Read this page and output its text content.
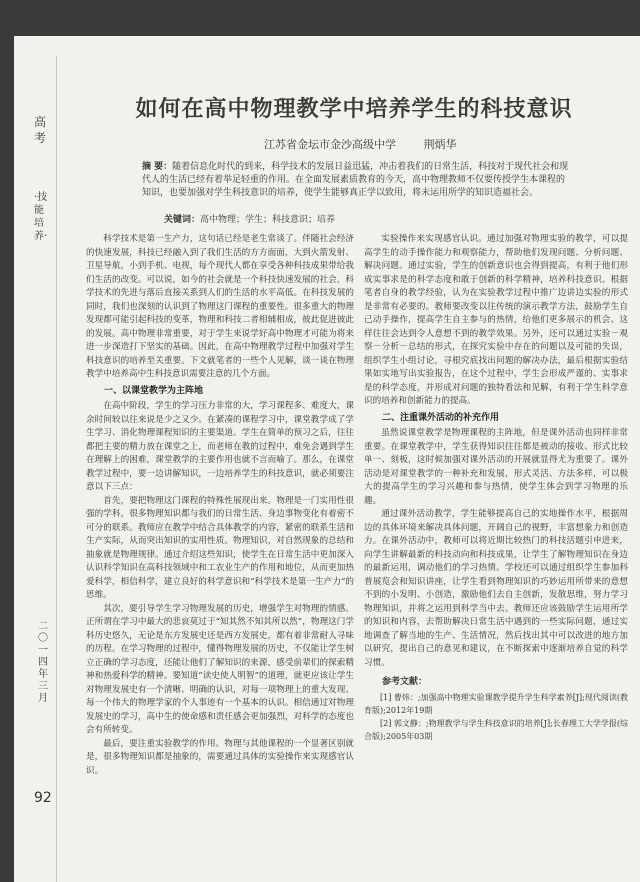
高考
·技能培养·
二〇一四年三月
92
如何在高中物理教学中培养学生的科技意识
江苏省金坛市金沙高级中学	荆炳华
摘 要：随着信息化时代的到来，科学技术的发展日益迅猛，冲击着我们的日常生活，科技对于现代社会和现代人的生活已经有着举足轻重的作用。在全面发展素质教育的今天，高中物理教师不仅要传授学生本课程的知识，也要加强对学生科技意识的培养，使学生能够真正学以致用，将未运用所学的知识造福社会。
关键词：高中物理；学生；科技意识；培养

科学技术是第一生产力，这句话已经是老生常谈了。伴随社会经济的快速发展，科技已经融入到了我们生活的方方面面，大到火箭发射、卫星导航，小到手机、电视，每个现代人都在享受各种科技成果带给我们生活的改变。可以说，如今的社会就是一个科技快速发展的社会，科学技术的先进与落后直接关系到人们的生活的水平高低。在科技发展的同时，我们也深刻的认识到了物理这门课程的重要性。很多重大的物理发现都可能引起科技的变革，物理和科技二者相辅相成，彼此促进彼此的发展。高中物理非常重要，对于学生来说学好高中物理才可能为将来进一步深造打下坚实的基础。因此，在高中物理教学过程中加强对学生科技意识的培养至关重要。下文就笔者的一些个人见解，谈一谈在物理教学中培养高中生科技意识需要注意的几个方面。

一、以课堂教学为主阵地

在高中阶段，学生的学习压力非常的大，学习课程多、难度大，课余时间较以往来说是少之又少。在紧凑的课程学习中，课堂教学成了学生学习、消化物理课程知识的主要渠道。学生在简单的预习之后，往往都把主要的精力放在课堂之上，而老师在教的过程中，难免会遇到学生在理解上的困难，课堂教学的主要作用也就不言而喻了。那么，在课堂教学过程中，要一边讲解知识，一边培养学生的科技意识，就必须要注意以下三点：

首先，要把物理这门课程的特殊性展现出来。物理是一门实用性很强的学科，很多物理知识都与我们的日常生活、身边事物变化有着密不可分的联系。教师应在教学中结合具体教学的内容，紧密的联系生活和生产实际，从而突出知识的实用性质。物理知识，对自然现象的总结和抽象就是物理规律。通过介绍这些知识，使学生在日常生活中更加深入认识科学知识在高科技领域中和工农业生产的作用和地位，从而更加热爱科学，相信科学，建立良好的科学意识和“科学技术是第一生产力”的思维。

其次，要引导学生学习物理发展的历史，增强学生对物理的情感。正所谓在学习中最大的悲哀莫过于“知其然不知其所以然”，物理这门学科历史悠久，无论是东方发展史还是西方发展史，都有着非常耐人寻味的历程。在学习物理的过程中，懂得物理发展的历史，不仅能让学生树立正确的学习态度，还能让他们了解知识的来源，感受前辈们的探索精神和热爱科学的精神。要知道“读史使人明智”的道理，就更应该让学生对物理发展史有一个清晰、明确的认识，对每一项物理上的重大发现、每一个伟大的物理学家的个人事迹有一个基本的认识。相信通过对物理发展史的学习，高中生的使命感和责任感会更加强烈，对科学的态度也会有所转变。

最后，要注重实验教学的作用。物理与其他课程的一个显著区别就是，很多物理知识都是抽象的，需要通过具体的实验操作来实现感官认识。

实验操作来实现感官认识。通过加强对物理实验的教学，可以提高学生的动手操作能力和观察能力，帮助他们发现问题、分析问题、解决问题。通过实验，学生的创新意识也会得到提高，有利于他们形成实事求是的科学态度和敢于创新的科学精神，培养科技意识。根据笔者自身的教学经验，认为在实验教学过程中推广边讲边实验的形式是非常有必要的。教师要改变以往传统的演示教学方法，鼓励学生自己动手操作，提高学生自主参与的热情，给他们更多展示的机会。这样往往会达到令人意想不到的教学效果。另外，还可以通过实验－观察－分析－总结的形式，在探究实验中存在的问题以及可能的失误，组织学生小组讨论，寻根究底找出问题的解决办法，最后根据实验结果如实地写出实验报告，在这个过程中，学生会形成严谨的、实事求是的科学态度，并形成对问题的独特看法和见解，有利于学生科学意识的培养和创新能力的提高。

二、注重课外活动的补充作用

虽然说课堂教学是物理课程的主阵地，但是课外活动也同样非常重要。在课堂教学中，学生获得知识往往都是被动的接收、形式比较单一、刻板，这时候加强对课外活动的开展就显得尤为重要了。课外活动是对课堂教学的一种补充和发展，形式灵活、方法多样，可以极大的提高学生的学习兴趣和参与热情，使学生体会到学习物理的乐趣。

通过课外活动教学，学生能够提高自己的实地操作水平，根据周边的具体环境来解决具体问题，开阔自己的视野，丰富想象力和创造力。在课外活动中，教师可以将近期比较热门的科技活题引申进来，向学生讲解最新的科技动向和科技成果，让学生了解物理知识在身边的最新运用，调动他们的学习热情。学校还可以通过组织学生参加科普展览会和知识讲座，让学生看到物理知识的巧妙运用所带来的意想不到的小发明、小创造，激励他们去自主创新，发散思维，努力学习物理知识，并将之运用到科学当中去。教师还应该鼓励学生运用所学的知识和内容，去帮助解决日常生活中遇到的一些实际问题，通过实地调查了解当地的生产、生活情况，然后找出其中可以改进的地方加以研究，提出自己的意见和建议，在不断探索中逐渐培养自觉的科学习惯。

参考文献：

[1] 曹炜：;加强高中物理实验课教学提升学生科学素养[J];现代阅读(教育版);2012年19期

[2] 郭文静：;物理教学与学生科技意识的培养[J];长春理工大学学报(综合版);2005年03期
